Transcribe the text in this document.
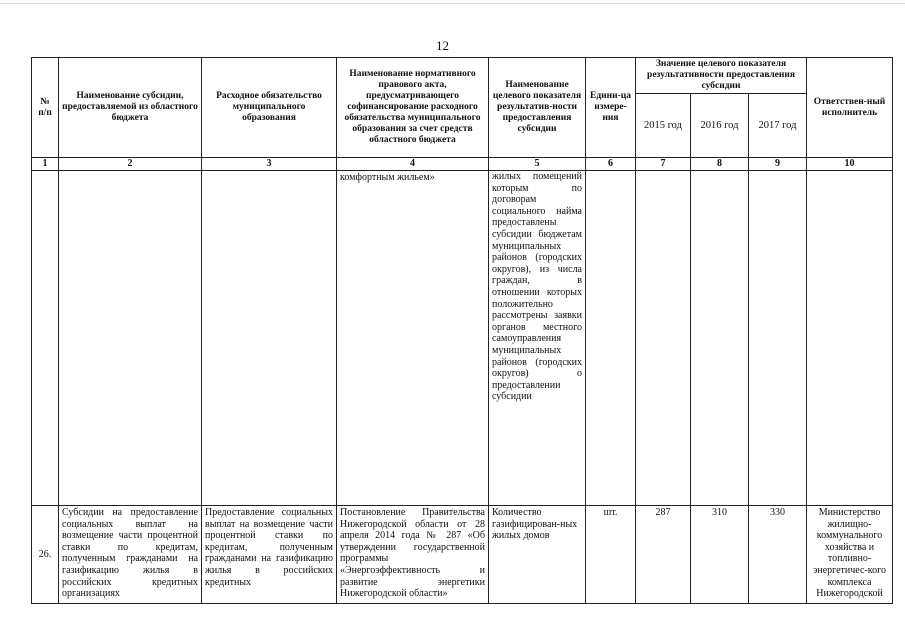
12
№ п/п	Наименование субсидии, предоставляемой из областного бюджета	Расходное обязательство муниципального образования	Наименование нормативного правового акта, предусматривающего софинансирование расходного обязательства муниципального образования за счет средств областного бюджета	Наименование целевого показателя результатив-ности предоставления субсидии	Едини-ца измере-ния	Значение целевого показателя результативности предоставления субсидии			Ответствен-ный исполнитель
						2015 год	2016 год	2017 год	
1	2	3	4	5	6	7	8	9	10
			комфортным жильем»	жилых помещений которым по договорам социального найма предоставлены субсидии бюджетам муниципальных районов (городских округов), из числа граждан, в отношении которых положительно рассмотрены заявки органов местного самоуправления муниципальных районов (городских округов) о предоставлении субсидии					
26.	Субсидии на предоставление социальных выплат на возмещение части процентной ставки по кредитам, полученным гражданами на газификацию жилья в российских кредитных организациях	Предоставление социальных выплат на возмещение части процентной ставки по кредитам, полученным гражданами на газификацию жилья в российских кредитных	Постановление Правительства Нижегородской области от 28 апреля 2014 года № 287 «Об утверждении государственной программы «Энергоэффективность и развитие энергетики Нижегородской области»	Количество газифицирован-ных жилых домов	шт.	287	310	330	Министерство жилищно-коммунального хозяйства и топливно-энергетичес-кого комплекса Нижегородской
